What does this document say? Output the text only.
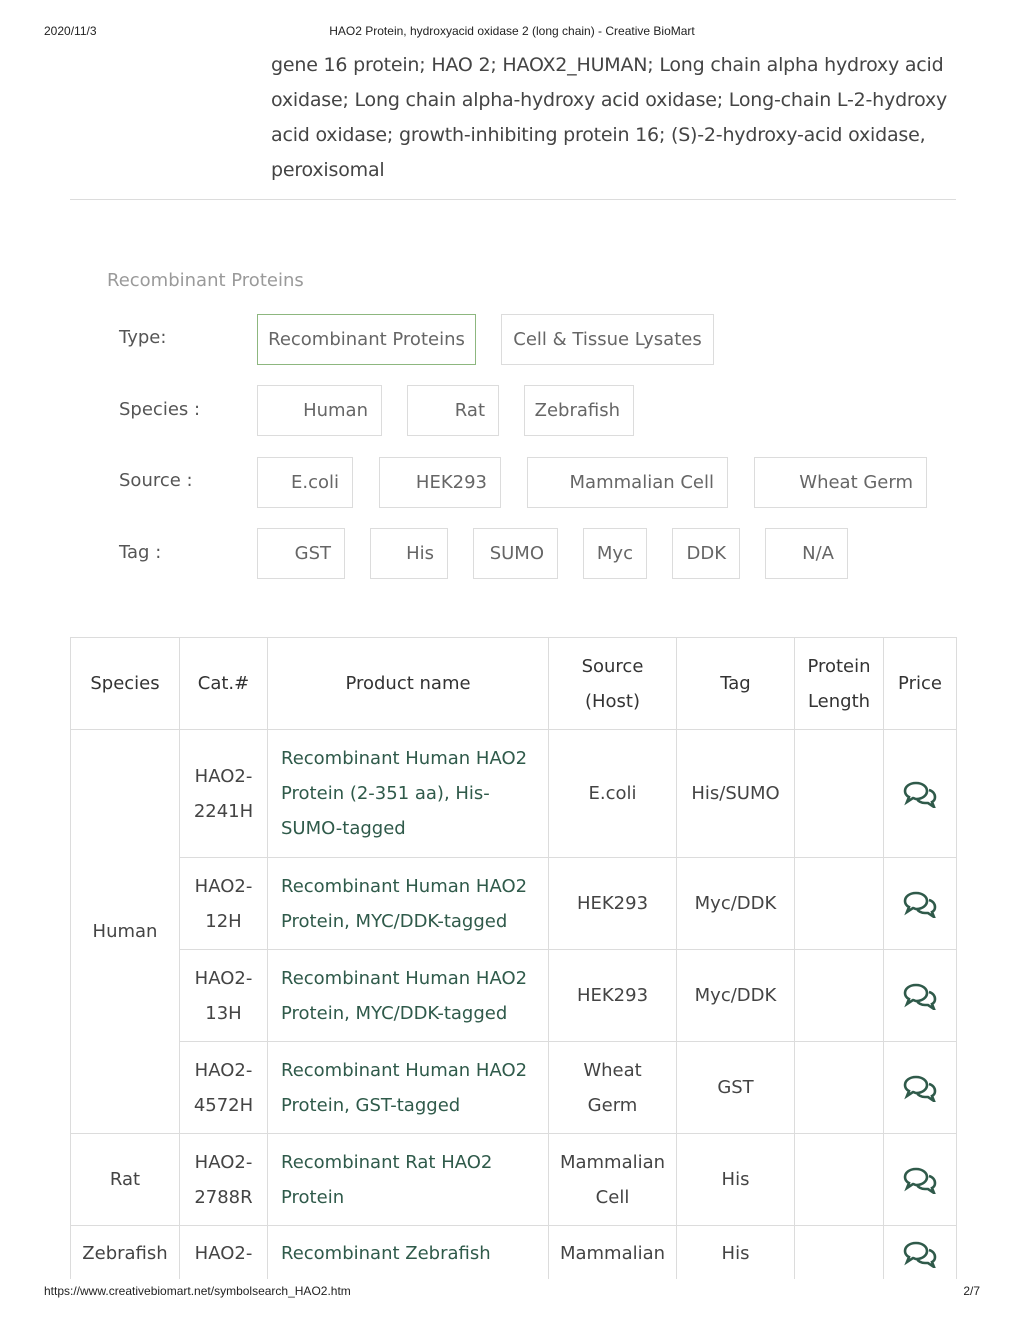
2020/11/3	HAO2 Protein, hydroxyacid oxidase 2 (long chain) - Creative BioMart
gene 16 protein; HAO 2; HAOX2_HUMAN; Long chain alpha hydroxy acid oxidase; Long chain alpha-hydroxy acid oxidase; Long-chain L-2-hydroxy acid oxidase; growth-inhibiting protein 16; (S)-2-hydroxy-acid oxidase, peroxisomal
Recombinant Proteins
Type:	Recombinant Proteins	Cell & Tissue Lysates
Species :	Human	Rat	Zebrafish
Source :	E.coli	HEK293	Mammalian Cell	Wheat Germ
Tag :	GST	His	SUMO	Myc	DDK	N/A
Species	Cat.#	Product name	Source (Host)	Tag	Protein Length	Price
Human	HAO2-2241H	Recombinant Human HAO2 Protein (2-351 aa), His-SUMO-tagged	E.coli	His/SUMO		
	HAO2-12H	Recombinant Human HAO2 Protein, MYC/DDK-tagged	HEK293	Myc/DDK		
	HAO2-13H	Recombinant Human HAO2 Protein, MYC/DDK-tagged	HEK293	Myc/DDK		
	HAO2-4572H	Recombinant Human HAO2 Protein, GST-tagged	Wheat Germ	GST		
Rat	HAO2-2788R	Recombinant Rat HAO2 Protein	Mammalian Cell	His		
Zebrafish	HAO2-	Recombinant Zebrafish	Mammalian	His		
https://www.creativebiomart.net/symbolsearch_HAO2.htm	2/7
